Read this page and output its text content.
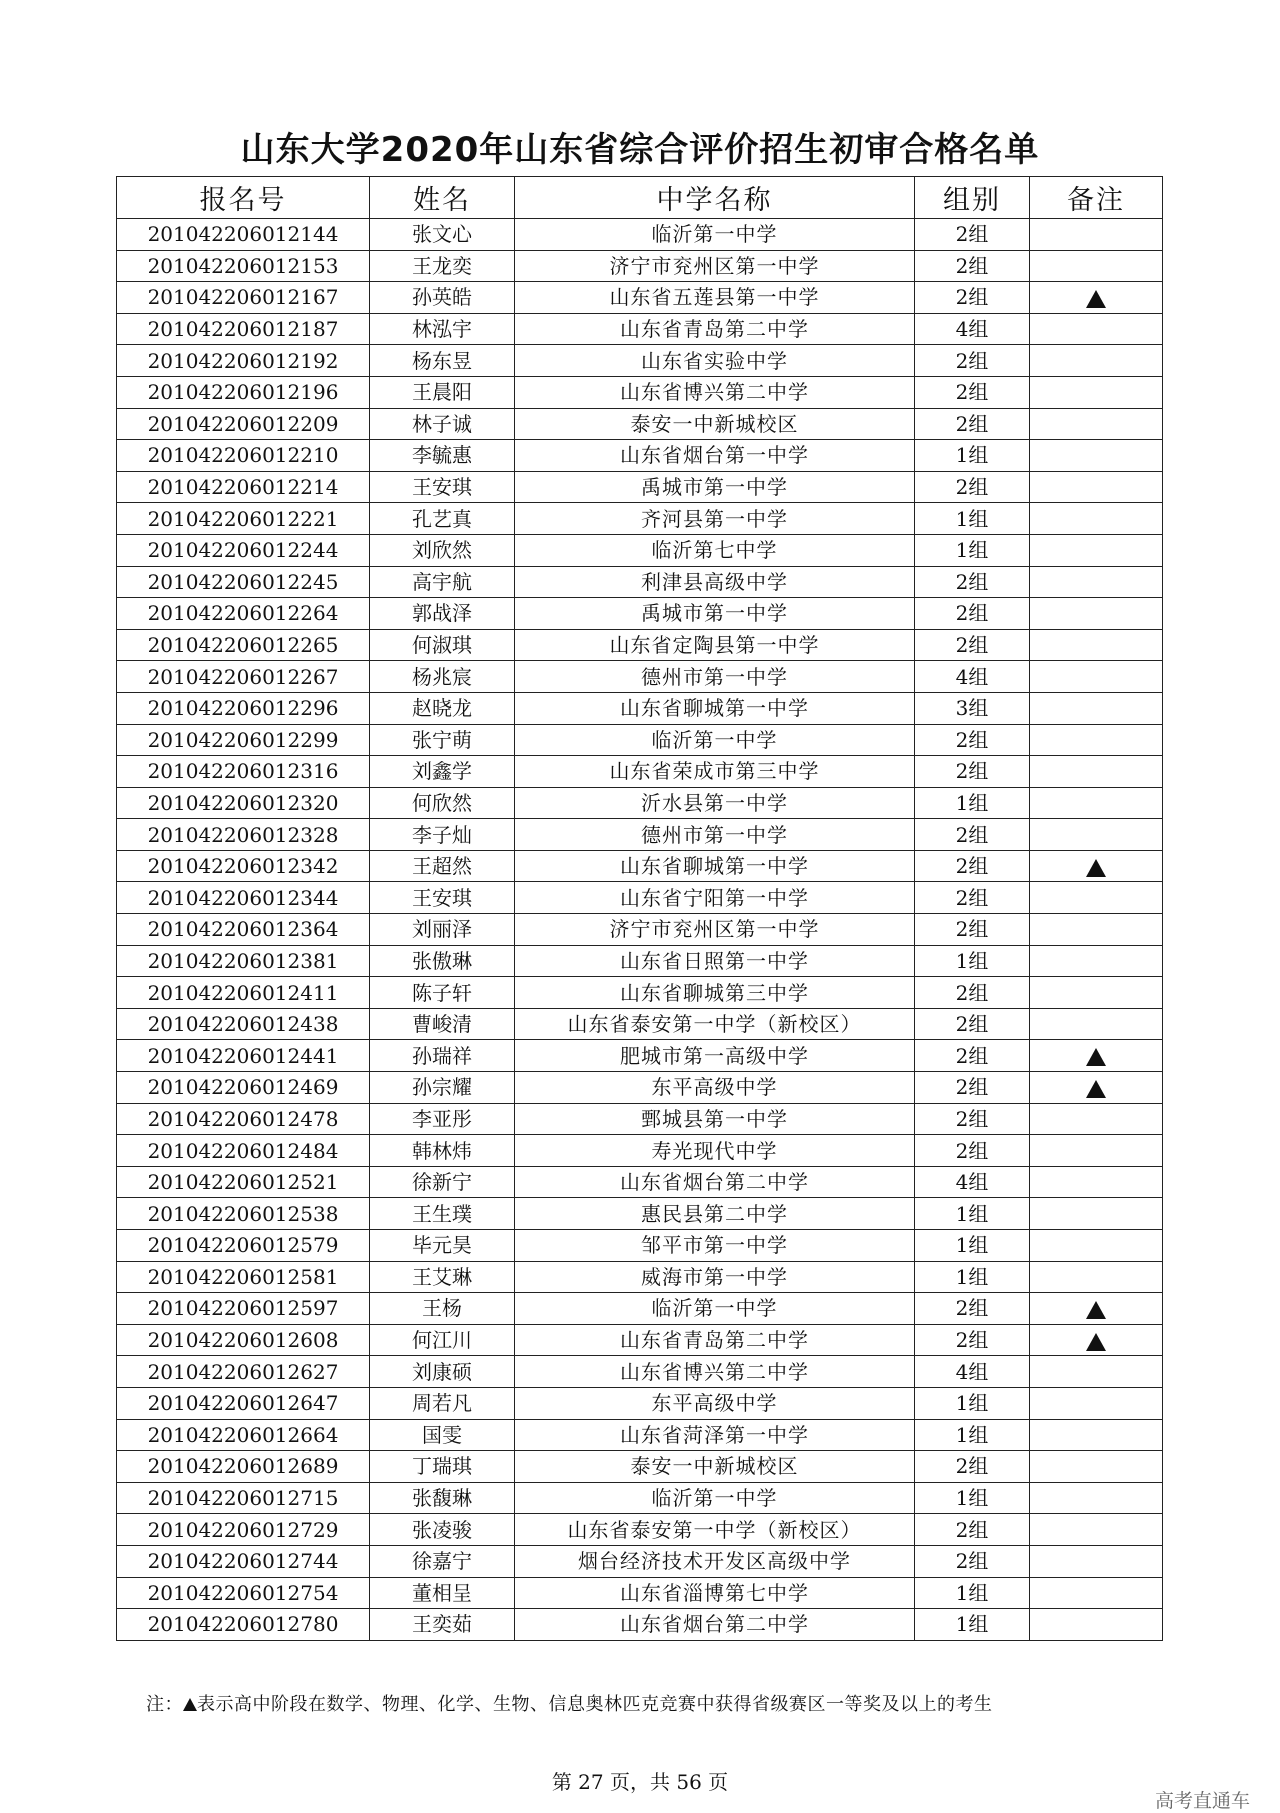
山东大学2020年山东省综合评价招生初审合格名单
报名号	姓名	中学名称	组别	备注
201042206012144	张文心	临沂第一中学	2组	
201042206012153	王龙奕	济宁市兖州区第一中学	2组	
201042206012167	孙英皓	山东省五莲县第一中学	2组	
201042206012187	林泓宇	山东省青岛第二中学	4组	
201042206012192	杨东昱	山东省实验中学	2组	
201042206012196	王晨阳	山东省博兴第二中学	2组	
201042206012209	林子诚	泰安一中新城校区	2组	
201042206012210	李毓惠	山东省烟台第一中学	1组	
201042206012214	王安琪	禹城市第一中学	2组	
201042206012221	孔艺真	齐河县第一中学	1组	
201042206012244	刘欣然	临沂第七中学	1组	
201042206012245	高宇航	利津县高级中学	2组	
201042206012264	郭战泽	禹城市第一中学	2组	
201042206012265	何淑琪	山东省定陶县第一中学	2组	
201042206012267	杨兆宸	德州市第一中学	4组	
201042206012296	赵晓龙	山东省聊城第一中学	3组	
201042206012299	张宁萌	临沂第一中学	2组	
201042206012316	刘鑫学	山东省荣成市第三中学	2组	
201042206012320	何欣然	沂水县第一中学	1组	
201042206012328	李子灿	德州市第一中学	2组	
201042206012342	王超然	山东省聊城第一中学	2组	
201042206012344	王安琪	山东省宁阳第一中学	2组	
201042206012364	刘丽泽	济宁市兖州区第一中学	2组	
201042206012381	张傲琳	山东省日照第一中学	1组	
201042206012411	陈子轩	山东省聊城第三中学	2组	
201042206012438	曹峻清	山东省泰安第一中学（新校区）	2组	
201042206012441	孙瑞祥	肥城市第一高级中学	2组	
201042206012469	孙宗耀	东平高级中学	2组	
201042206012478	李亚彤	鄄城县第一中学	2组	
201042206012484	韩林炜	寿光现代中学	2组	
201042206012521	徐新宁	山东省烟台第二中学	4组	
201042206012538	王生璞	惠民县第二中学	1组	
201042206012579	毕元昊	邹平市第一中学	1组	
201042206012581	王艾琳	威海市第一中学	1组	
201042206012597	王杨	临沂第一中学	2组	
201042206012608	何江川	山东省青岛第二中学	2组	
201042206012627	刘康硕	山东省博兴第二中学	4组	
201042206012647	周若凡	东平高级中学	1组	
201042206012664	国雯	山东省菏泽第一中学	1组	
201042206012689	丁瑞琪	泰安一中新城校区	2组	
201042206012715	张馥琳	临沂第一中学	1组	
201042206012729	张凌骏	山东省泰安第一中学（新校区）	2组	
201042206012744	徐嘉宁	烟台经济技术开发区高级中学	2组	
201042206012754	董相呈	山东省淄博第七中学	1组	
201042206012780	王奕茹	山东省烟台第二中学	1组	
注： 表示高中阶段在数学、物理、化学、生物、信息奥林匹克竞赛中获得省级赛区一等奖及以上的考生
第 27 页，共 56 页
高考直通车
